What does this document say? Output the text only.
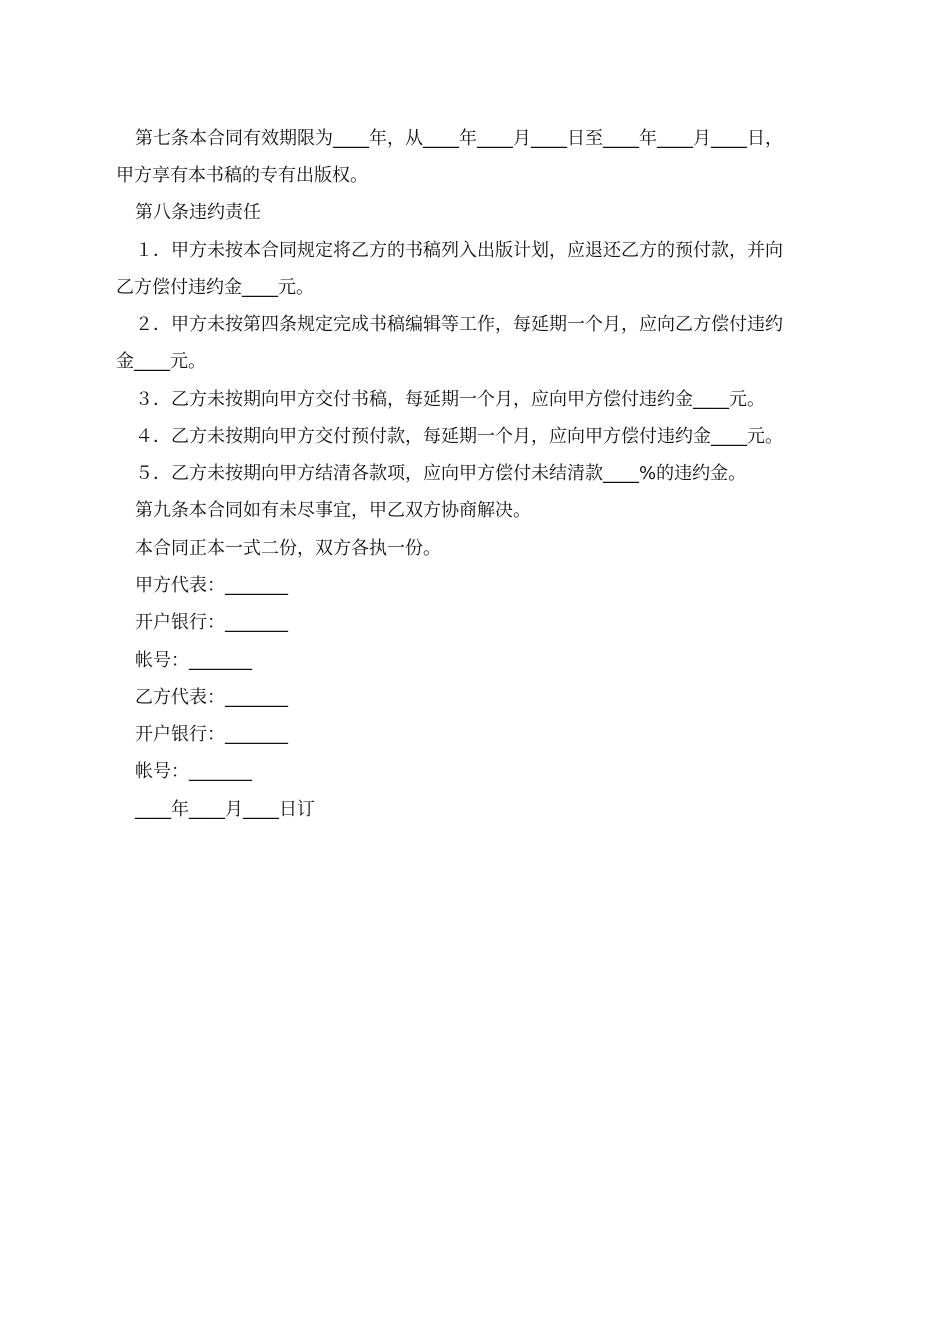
第七条本合同有效期限为____年，从____年____月____日至____年____月____日，
甲方享有本书稿的专有出版权。
第八条违约责任
１．甲方未按本合同规定将乙方的书稿列入出版计划，应退还乙方的预付款，并向
乙方偿付违约金____元。
２．甲方未按第四条规定完成书稿编辑等工作，每延期一个月，应向乙方偿付违约
金____元。
３．乙方未按期向甲方交付书稿，每延期一个月，应向甲方偿付违约金____元。
４．乙方未按期向甲方交付预付款，每延期一个月，应向甲方偿付违约金____元。
５．乙方未按期向甲方结清各款项，应向甲方偿付未结清款____%的违约金。
第九条本合同如有未尽事宜，甲乙双方协商解决。
本合同正本一式二份，双方各执一份。
甲方代表：_______
开户银行：_______
帐号：_______
乙方代表：_______
开户银行：_______
帐号：_______
____年____月____日订
